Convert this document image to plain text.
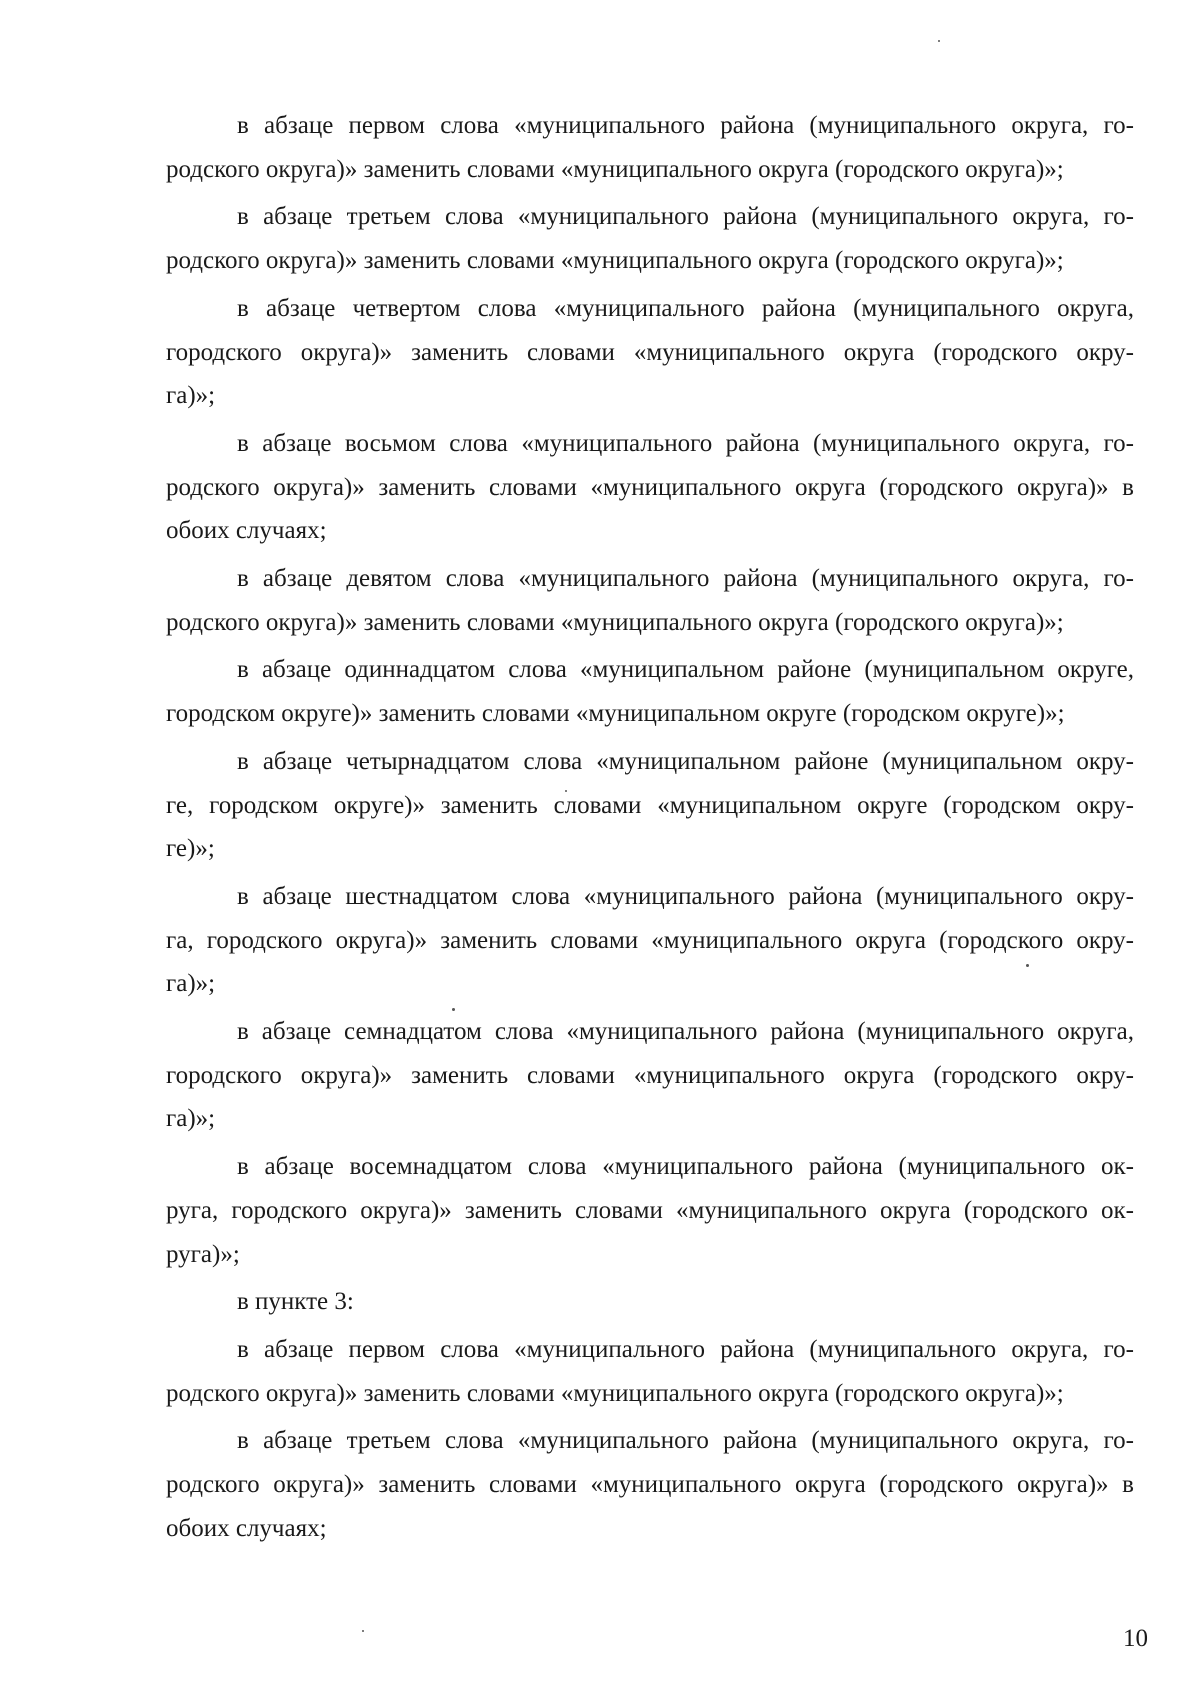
в абзаце первом слова «муниципального района (муниципального округа, го-
родского округа)» заменить словами «муниципального округа (городского округа)»;

в абзаце третьем слова «муниципального района (муниципального округа, го-
родского округа)» заменить словами «муниципального округа (городского округа)»;

в абзаце четвертом слова «муниципального района (муниципального округа,
городского округа)» заменить словами «муниципального округа (городского окру-
га)»;

в абзаце восьмом слова «муниципального района (муниципального округа, го-
родского округа)» заменить словами «муниципального округа (городского округа)» в
обоих случаях;

в абзаце девятом слова «муниципального района (муниципального округа, го-
родского округа)» заменить словами «муниципального округа (городского округа)»;

в абзаце одиннадцатом слова «муниципальном районе (муниципальном округе,
городском округе)» заменить словами «муниципальном округе (городском округе)»;

в абзаце четырнадцатом слова «муниципальном районе (муниципальном окру-
ге, городском округе)» заменить словами «муниципальном округе (городском окру-
ге)»;

в абзаце шестнадцатом слова «муниципального района (муниципального окру-
га, городского округа)» заменить словами «муниципального округа (городского окру-
га)»;

в абзаце семнадцатом слова «муниципального района (муниципального округа,
городского округа)» заменить словами «муниципального округа (городского окру-
га)»;

в абзаце восемнадцатом слова «муниципального района (муниципального ок-
руга, городского округа)» заменить словами «муниципального округа (городского ок-
руга)»;

в пункте 3:

в абзаце первом слова «муниципального района (муниципального округа, го-
родского округа)» заменить словами «муниципального округа (городского округа)»;

в абзаце третьем слова «муниципального района (муниципального округа, го-
родского округа)» заменить словами «муниципального округа (городского округа)» в
обоих случаях;

10
